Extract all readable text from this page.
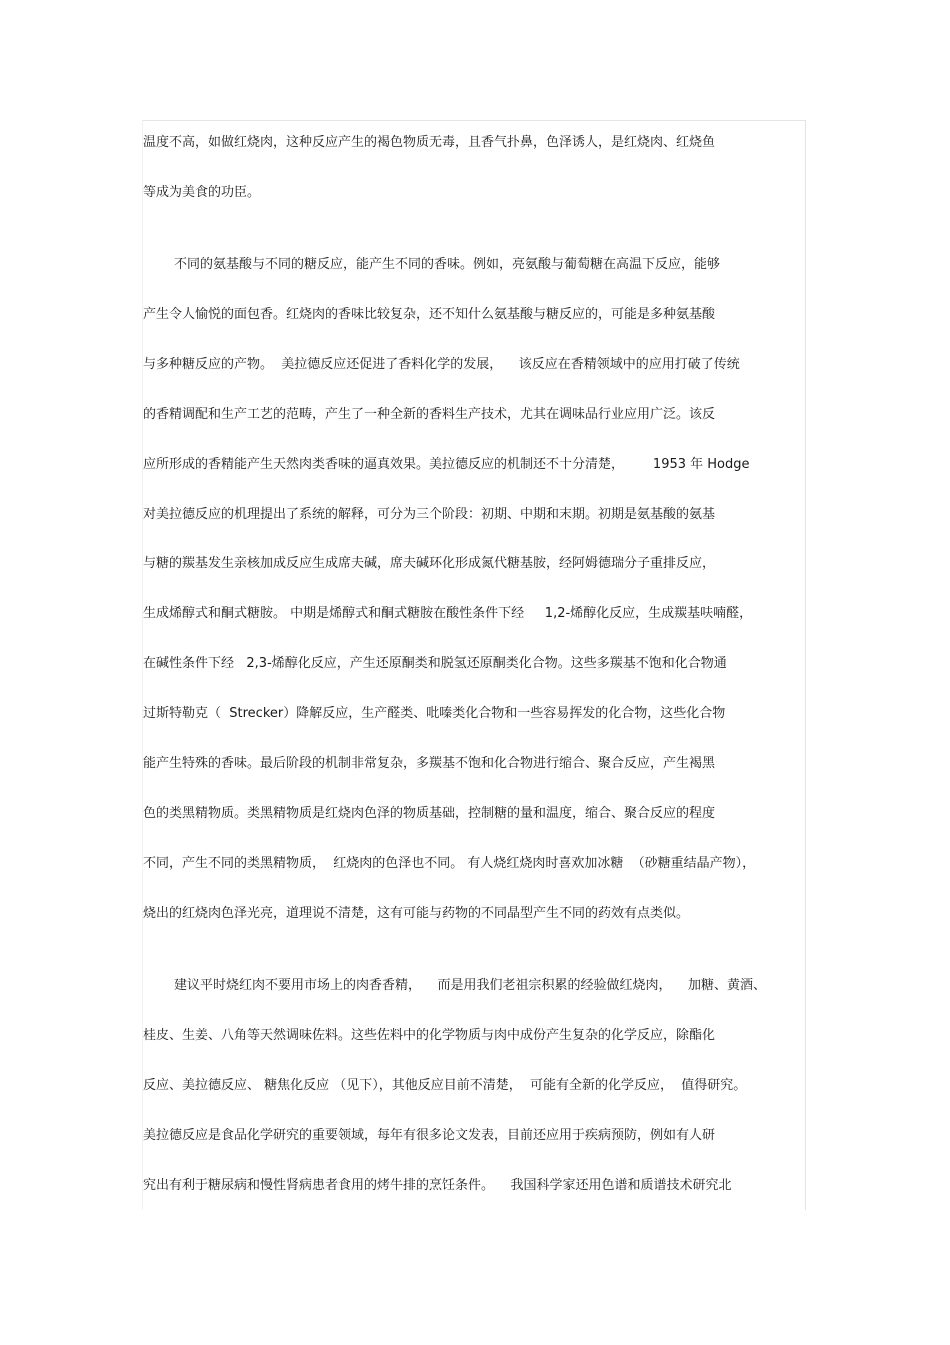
温度不高，如做红烧肉，这种反应产生的褐色物质无毒，且香气扑鼻，色泽诱人，是红烧肉、红烧鱼
等成为美食的功臣。
不同的氨基酸与不同的糖反应，能产生不同的香味。例如，亮氨酸与葡萄糖在高温下反应，能够
产生令人愉悦的面包香。红烧肉的香味比较复杂，还不知什么氨基酸与糖反应的，可能是多种氨基酸
与多种糖反应的产物。  美拉德反应还促进了香料化学的发展，    该反应在香精领域中的应用打破了传统
的香精调配和生产工艺的范畴，产生了一种全新的香料生产技术，尤其在调味品行业应用广泛。该反
应所形成的香精能产生天然肉类香味的逼真效果。美拉德反应的机制还不十分清楚，       1953 年 Hodge
对美拉德反应的机理提出了系统的解释，可分为三个阶段：初期、中期和末期。初期是氨基酸的氨基
与糖的羰基发生亲核加成反应生成席夫碱，席夫碱环化形成氮代糖基胺，经阿姆德瑞分子重排反应，
生成烯醇式和酮式糖胺。 中期是烯醇式和酮式糖胺在酸性条件下经     1,2-烯醇化反应，生成羰基呋喃醛，
在碱性条件下经   2,3-烯醇化反应，产生还原酮类和脱氢还原酮类化合物。这些多羰基不饱和化合物通
过斯特勒克（  Strecker）降解反应，生产醛类、吡嗪类化合物和一些容易挥发的化合物，这些化合物
能产生特殊的香味。最后阶段的机制非常复杂，多羰基不饱和化合物进行缩合、聚合反应，产生褐黑
色的类黑精物质。类黑精物质是红烧肉色泽的物质基础，控制糖的量和温度，缩合、聚合反应的程度
不同，产生不同的类黑精物质，  红烧肉的色泽也不同。 有人烧红烧肉时喜欢加冰糖  （砂糖重结晶产物），
烧出的红烧肉色泽光亮，道理说不清楚，这有可能与药物的不同晶型产生不同的药效有点类似。
建议平时烧红肉不要用市场上的肉香香精，    而是用我们老祖宗积累的经验做红烧肉，    加糖、黄酒、
桂皮、生姜、八角等天然调味佐料。这些佐料中的化学物质与肉中成份产生复杂的化学反应，除酯化
反应、美拉德反应、 糖焦化反应 （见下），其他反应目前不清楚，  可能有全新的化学反应，  值得研究。
美拉德反应是食品化学研究的重要领域，每年有很多论文发表，目前还应用于疾病预防，例如有人研
究出有利于糖尿病和慢性肾病患者食用的烤牛排的烹饪条件。    我国科学家还用色谱和质谱技术研究北
